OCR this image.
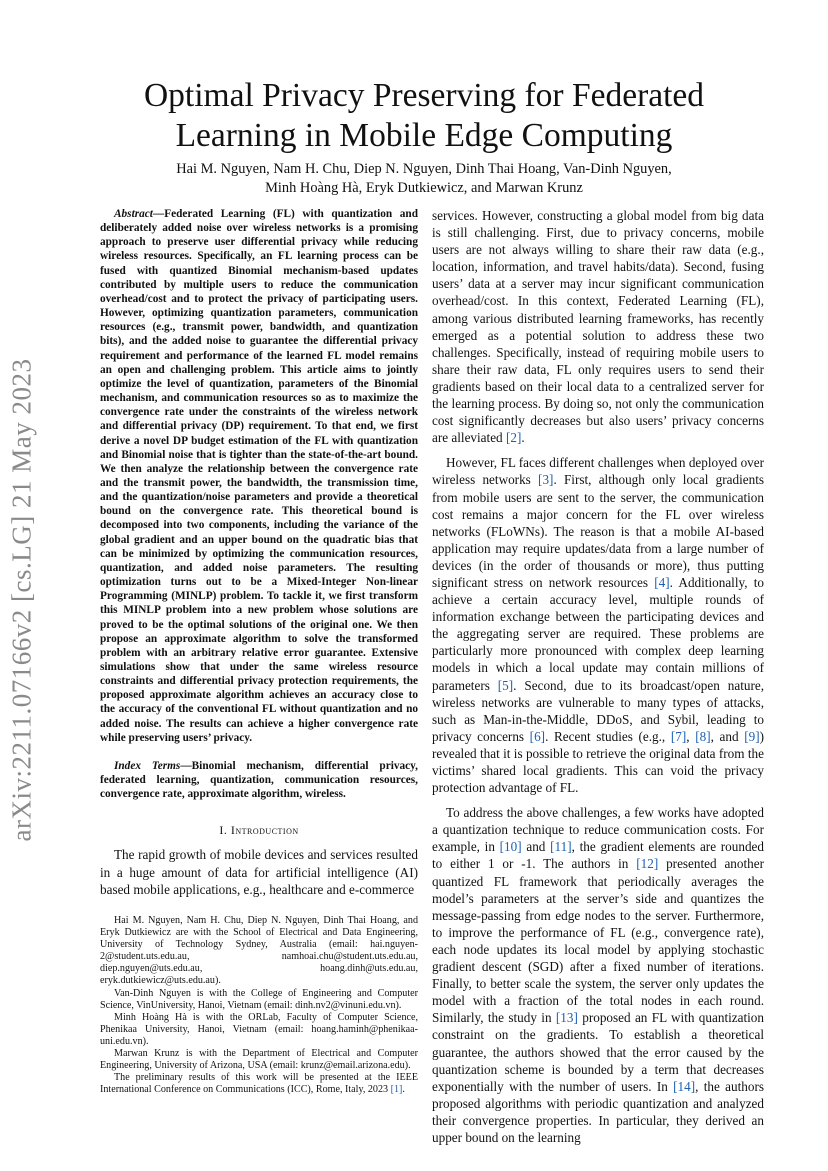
arXiv:2211.07166v2 [cs.LG] 21 May 2023
Optimal Privacy Preserving for Federated
Learning in Mobile Edge Computing
Hai M. Nguyen, Nam H. Chu, Diep N. Nguyen, Dinh Thai Hoang, Van-Dinh Nguyen,
Minh Hoàng Hà, Eryk Dutkiewicz, and Marwan Krunz

Abstract—Federated Learning (FL) with quantization and deliberately added noise over wireless networks is a promising approach to preserve user differential privacy while reducing wireless resources. Specifically, an FL learning process can be fused with quantized Binomial mechanism-based updates contributed by multiple users to reduce the communication overhead/cost and to protect the privacy of participating users. However, optimizing quantization parameters, communication resources (e.g., transmit power, bandwidth, and quantization bits), and the added noise to guarantee the differential privacy requirement and performance of the learned FL model remains an open and challenging problem. This article aims to jointly optimize the level of quantization, parameters of the Binomial mechanism, and communication resources so as to maximize the convergence rate under the constraints of the wireless network and differential privacy (DP) requirement. To that end, we first derive a novel DP budget estimation of the FL with quantization and Binomial noise that is tighter than the state-of-the-art bound. We then analyze the relationship between the convergence rate and the transmit power, the bandwidth, the transmission time, and the quantization/noise parameters and provide a theoretical bound on the convergence rate. This theoretical bound is decomposed into two components, including the variance of the global gradient and an upper bound on the quadratic bias that can be minimized by optimizing the communication resources, quantization, and added noise parameters. The resulting optimization turns out to be a Mixed-Integer Non-linear Programming (MINLP) problem. To tackle it, we first transform this MINLP problem into a new problem whose solutions are proved to be the optimal solutions of the original one. We then propose an approximate algorithm to solve the transformed problem with an arbitrary relative error guarantee. Extensive simulations show that under the same wireless resource constraints and differential privacy protection requirements, the proposed approximate algorithm achieves an accuracy close to the accuracy of the conventional FL without quantization and no added noise. The results can achieve a higher convergence rate while preserving users’ privacy.

Index Terms—Binomial mechanism, differential privacy, federated learning, quantization, communication resources, convergence rate, approximate algorithm, wireless.

I. Introduction

The rapid growth of mobile devices and services resulted in a huge amount of data for artificial intelligence (AI) based mobile applications, e.g., healthcare and e-commerce

Hai M. Nguyen, Nam H. Chu, Diep N. Nguyen, Dinh Thai Hoang, and Eryk Dutkiewicz are with the School of Electrical and Data Engineering, University of Technology Sydney, Australia (email: hai.nguyen-2@student.uts.edu.au, namhoai.chu@student.uts.edu.au, diep.nguyen@uts.edu.au, hoang.dinh@uts.edu.au, eryk.dutkiewicz@uts.edu.au).

Van-Dinh Nguyen is with the College of Engineering and Computer Science, VinUniversity, Hanoi, Vietnam (email: dinh.nv2@vinuni.edu.vn).

Minh Hoàng Hà is with the ORLab, Faculty of Computer Science, Phenikaa University, Hanoi, Vietnam (email: hoang.haminh@phenikaa-uni.edu.vn).

Marwan Krunz is with the Department of Electrical and Computer Engineering, University of Arizona, USA (email: krunz@email.arizona.edu).

The preliminary results of this work will be presented at the IEEE International Conference on Communications (ICC), Rome, Italy, 2023 [1].

services. However, constructing a global model from big data is still challenging. First, due to privacy concerns, mobile users are not always willing to share their raw data (e.g., location, information, and travel habits/data). Second, fusing users’ data at a server may incur significant communication overhead/cost. In this context, Federated Learning (FL), among various distributed learning frameworks, has recently emerged as a potential solution to address these two challenges. Specifically, instead of requiring mobile users to share their raw data, FL only requires users to send their gradients based on their local data to a centralized server for the learning process. By doing so, not only the communication cost significantly decreases but also users’ privacy concerns are alleviated [2].

However, FL faces different challenges when deployed over wireless networks [3]. First, although only local gradients from mobile users are sent to the server, the communication cost remains a major concern for the FL over wireless networks (FLoWNs). The reason is that a mobile AI-based application may require updates/data from a large number of devices (in the order of thousands or more), thus putting significant stress on network resources [4]. Additionally, to achieve a certain accuracy level, multiple rounds of information exchange between the participating devices and the aggregating server are required. These problems are particularly more pronounced with complex deep learning models in which a local update may contain millions of parameters [5]. Second, due to its broadcast/open nature, wireless networks are vulnerable to many types of attacks, such as Man-in-the-Middle, DDoS, and Sybil, leading to privacy concerns [6]. Recent studies (e.g., [7], [8], and [9]) revealed that it is possible to retrieve the original data from the victims’ shared local gradients. This can void the privacy protection advantage of FL.

To address the above challenges, a few works have adopted a quantization technique to reduce communication costs. For example, in [10] and [11], the gradient elements are rounded to either 1 or -1. The authors in [12] presented another quantized FL framework that periodically averages the model’s parameters at the server’s side and quantizes the message-passing from edge nodes to the server. Furthermore, to improve the performance of FL (e.g., convergence rate), each node updates its local model by applying stochastic gradient descent (SGD) after a fixed number of iterations. Finally, to better scale the system, the server only updates the model with a fraction of the total nodes in each round. Similarly, the study in [13] proposed an FL with quantization constraint on the gradients. To establish a theoretical guarantee, the authors showed that the error caused by the quantization scheme is bounded by a term that decreases exponentially with the number of users. In [14], the authors proposed algorithms with periodic quantization and analyzed their convergence properties. In particular, they derived an upper bound on the learning
